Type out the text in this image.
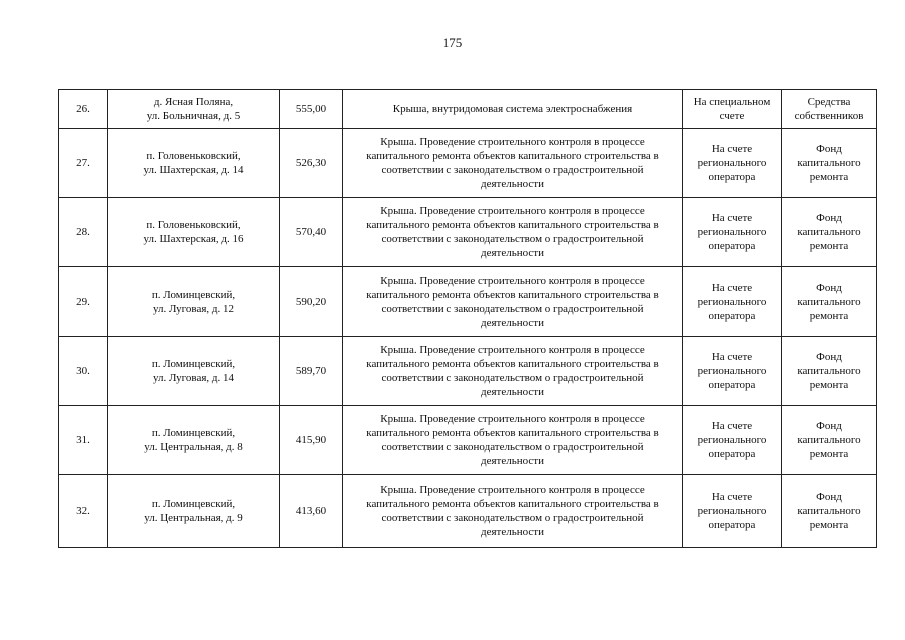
175
26.	д. Ясная Поляна,
ул. Больничная, д. 5	555,00	Крыша, внутридомовая система электроснабжения	На специальном
счете	Средства
собственников

27.	п. Головеньковский,
ул. Шахтерская, д. 14	526,30	Крыша. Проведение строительного контроля в процессе
капитального ремонта объектов капитального строительства в
соответствии с законодательством о градостроительной
деятельности	На счете
регионального
оператора	Фонд
капитального
ремонта

28.	п. Головеньковский,
ул. Шахтерская, д. 16	570,40	Крыша. Проведение строительного контроля в процессе
капитального ремонта объектов капитального строительства в
соответствии с законодательством о градостроительной
деятельности	На счете
регионального
оператора	Фонд
капитального
ремонта

29.	п. Ломинцевский,
ул. Луговая, д. 12	590,20	Крыша. Проведение строительного контроля в процессе
капитального ремонта объектов капитального строительства в
соответствии с законодательством о градостроительной
деятельности	На счете
регионального
оператора	Фонд
капитального
ремонта

30.	п. Ломинцевский,
ул. Луговая, д. 14	589,70	Крыша. Проведение строительного контроля в процессе
капитального ремонта объектов капитального строительства в
соответствии с законодательством о градостроительной
деятельности	На счете
регионального
оператора	Фонд
капитального
ремонта

31.	п. Ломинцевский,
ул. Центральная, д. 8	415,90	Крыша. Проведение строительного контроля в процессе
капитального ремонта объектов капитального строительства в
соответствии с законодательством о градостроительной
деятельности	На счете
регионального
оператора	Фонд
капитального
ремонта

32.	п. Ломинцевский,
ул. Центральная, д. 9	413,60	Крыша. Проведение строительного контроля в процессе
капитального ремонта объектов капитального строительства в
соответствии с законодательством о градостроительной
деятельности	На счете
регионального
оператора	Фонд
капитального
ремонта
